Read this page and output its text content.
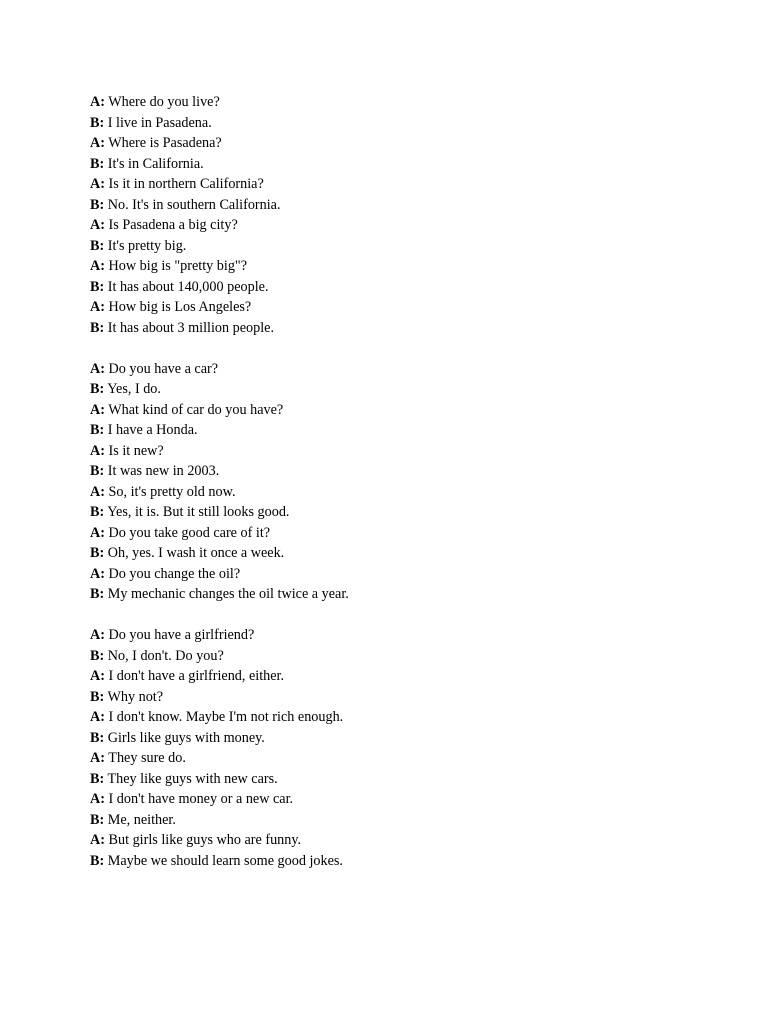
A: Where do you live?
B: I live in Pasadena.
A: Where is Pasadena?
B: It's in California.
A: Is it in northern California?
B: No. It's in southern California.
A: Is Pasadena a big city?
B: It's pretty big.
A: How big is "pretty big"?
B: It has about 140,000 people.
A: How big is Los Angeles?
B: It has about 3 million people.
A: Do you have a car?
B: Yes, I do.
A: What kind of car do you have?
B: I have a Honda.
A: Is it new?
B: It was new in 2003.
A: So, it's pretty old now.
B: Yes, it is. But it still looks good.
A: Do you take good care of it?
B: Oh, yes. I wash it once a week.
A: Do you change the oil?
B: My mechanic changes the oil twice a year.
A: Do you have a girlfriend?
B: No, I don't. Do you?
A: I don't have a girlfriend, either.
B: Why not?
A: I don't know. Maybe I'm not rich enough.
B: Girls like guys with money.
A: They sure do.
B: They like guys with new cars.
A: I don't have money or a new car.
B: Me, neither.
A: But girls like guys who are funny.
B: Maybe we should learn some good jokes.
